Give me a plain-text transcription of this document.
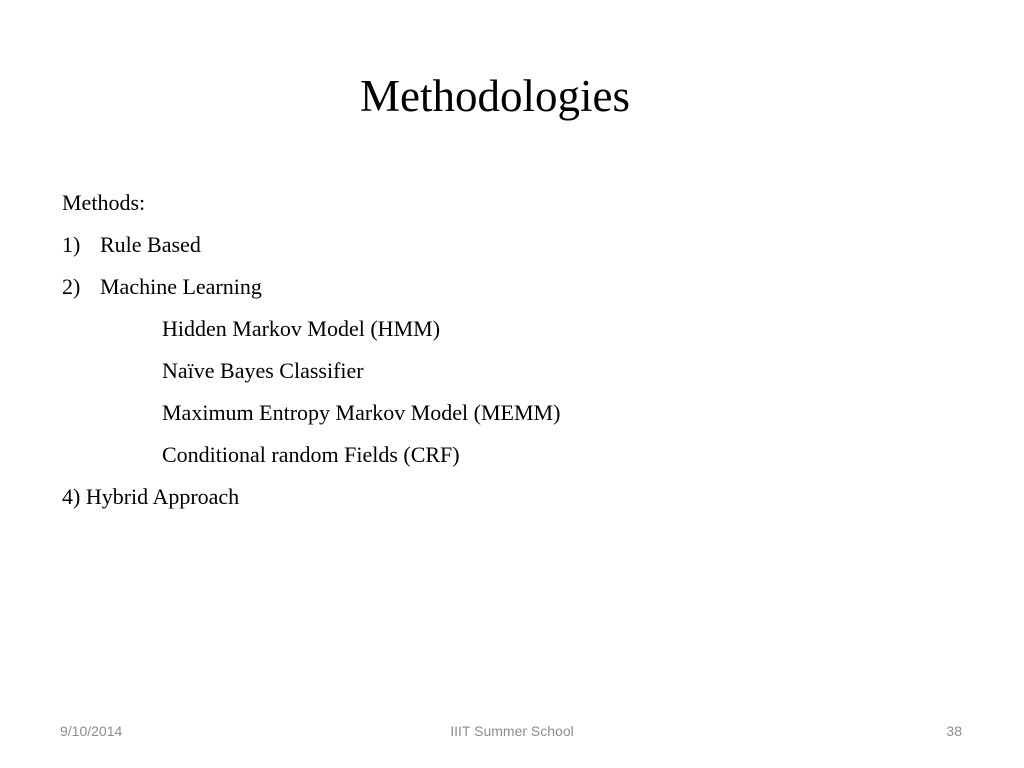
Methodologies
Methods:
1) Rule Based
2) Machine Learning
Hidden Markov Model (HMM)
Naïve Bayes Classifier
Maximum Entropy Markov Model (MEMM)
Conditional random Fields (CRF)
4) Hybrid Approach
9/10/2014	IIIT Summer School	38
